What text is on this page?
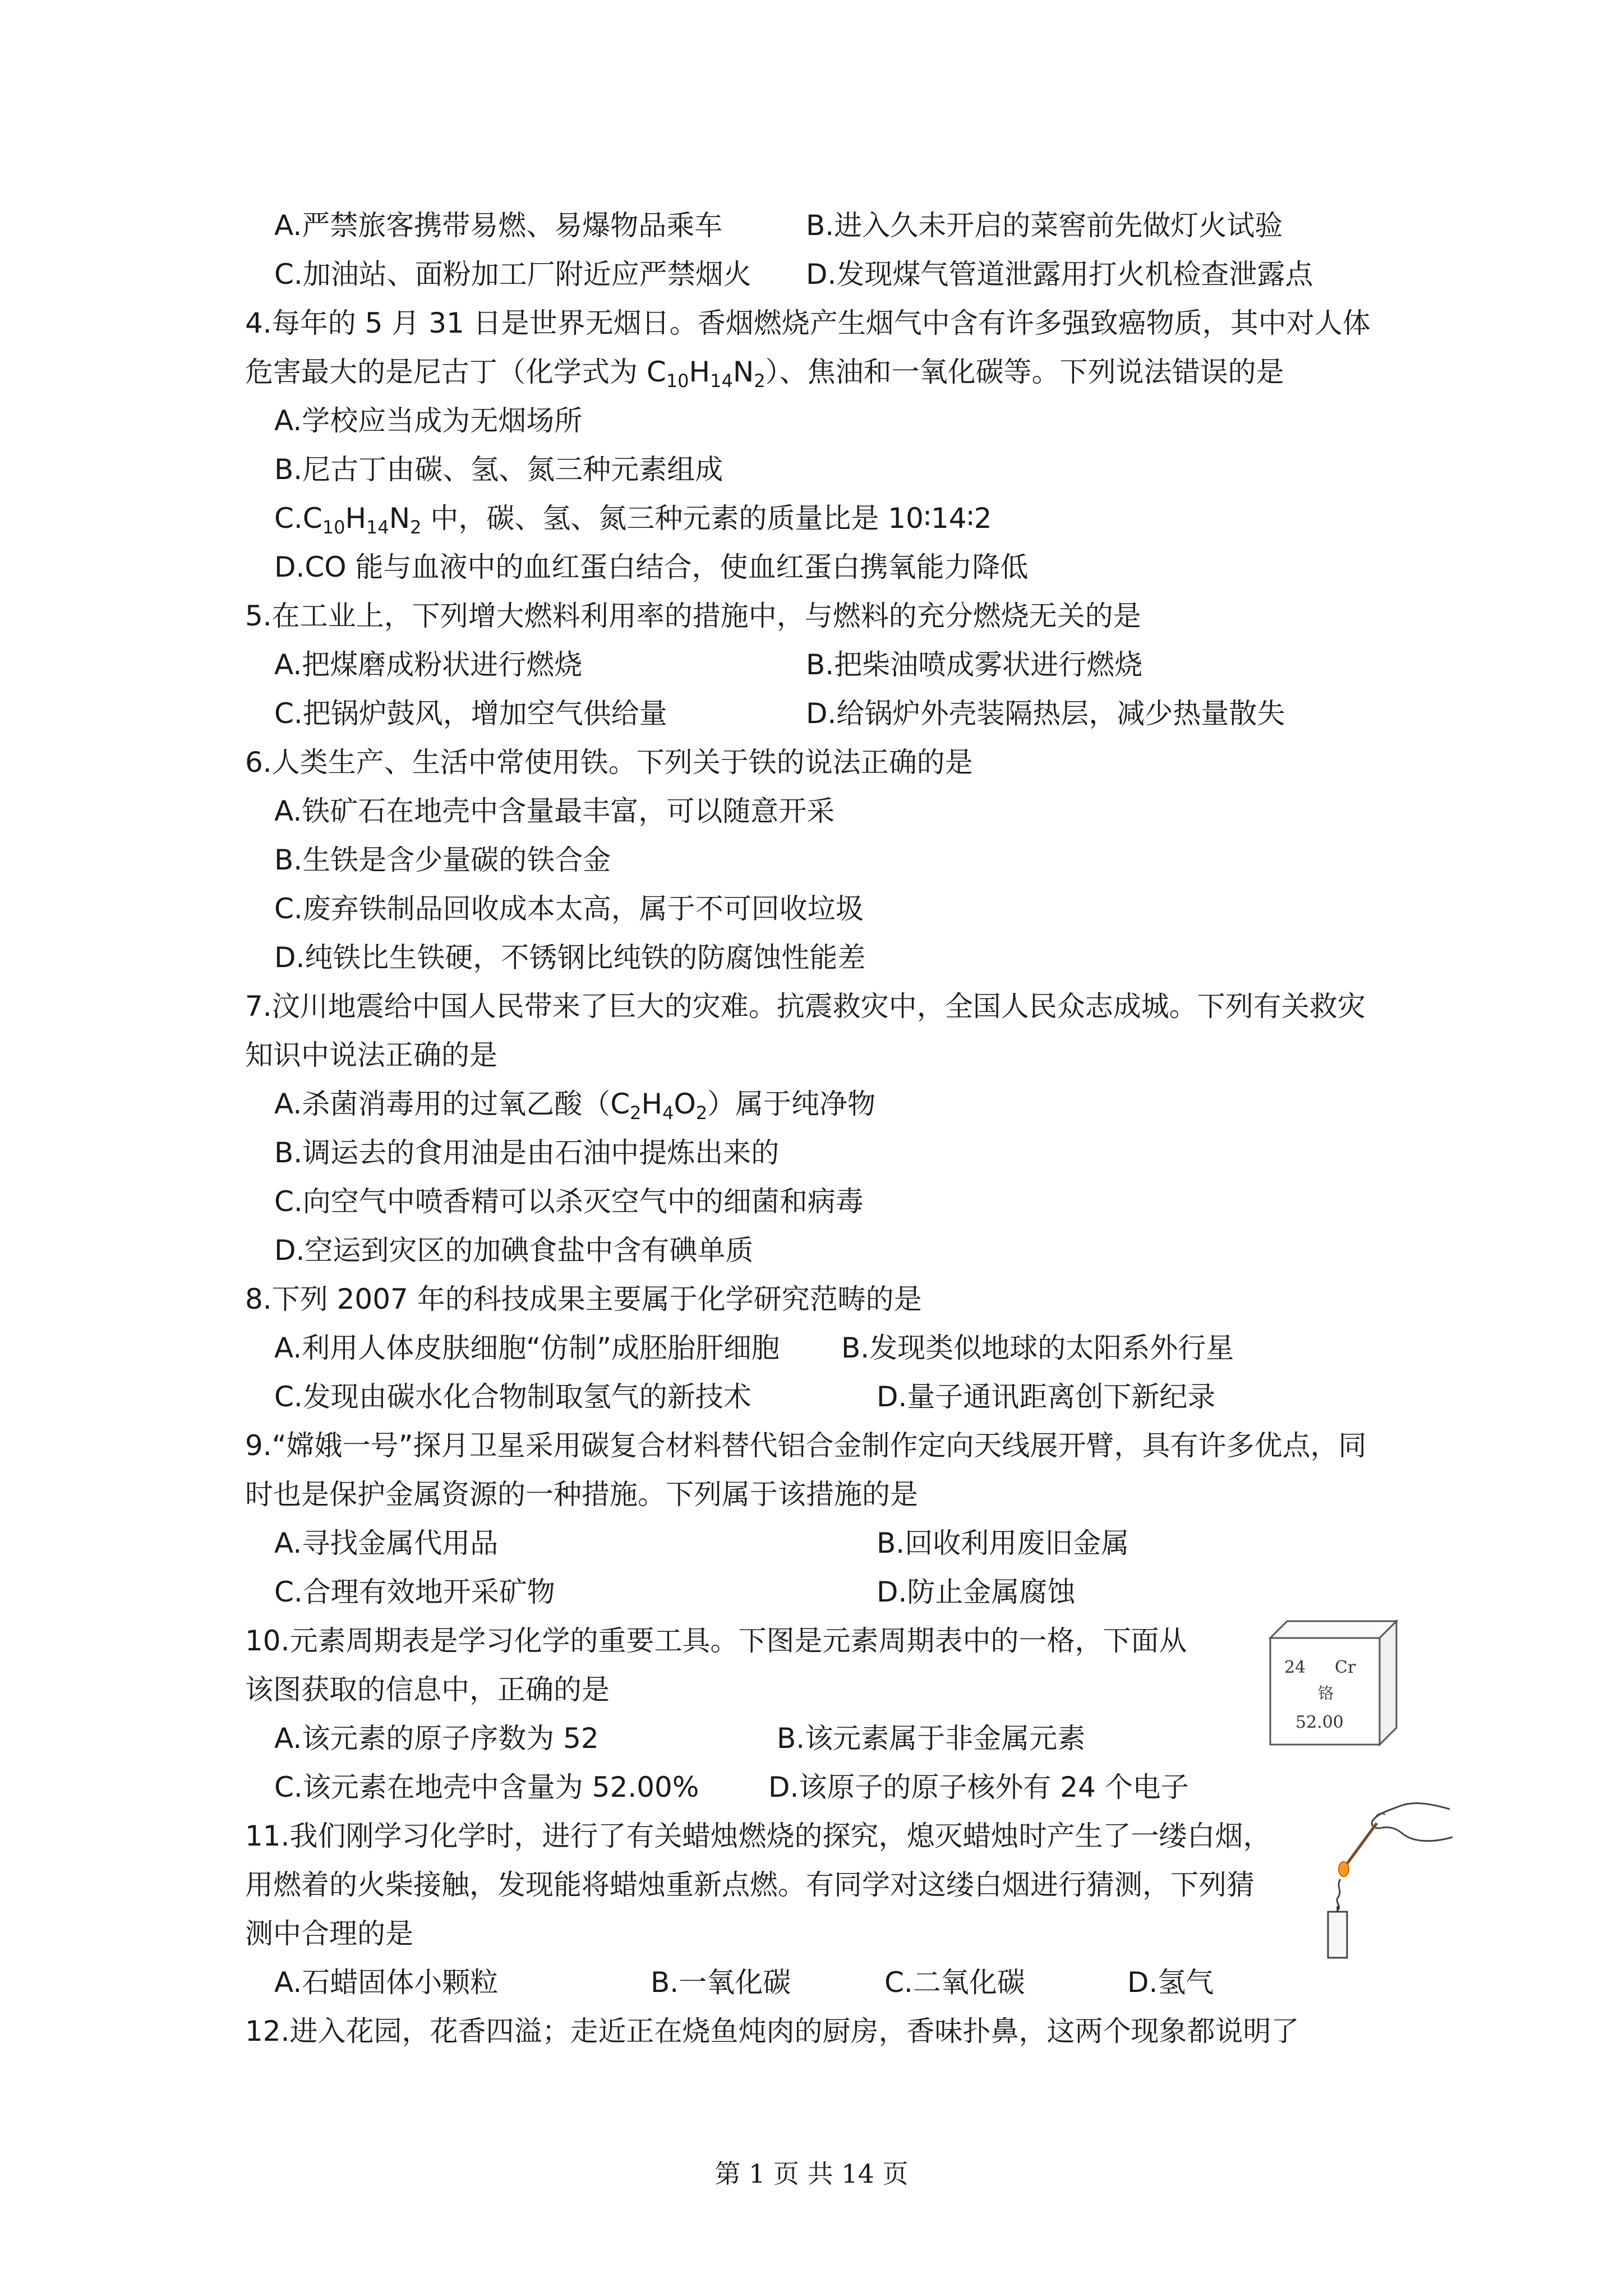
A.严禁旅客携带易燃、易爆物品乘车	B.进入久未开启的菜窖前先做灯火试验
C.加油站、面粉加工厂附近应严禁烟火 D.发现煤气管道泄露用打火机检查泄露点
4.每年的 5 月 31 日是世界无烟日。香烟燃烧产生烟气中含有许多强致癌物质，其中对人体
危害最大的是尼古丁（化学式为 $C_{10}H_{14}N_2$）、焦油和一氧化碳等。下列说法错误的是
A.学校应当成为无烟场所
B.尼古丁由碳、氢、氮三种元素组成
$C.C_{10}H_{14}N_2$ 中，碳、氢、氮三种元素的质量比是 10∶14∶2
D.CO 能与血液中的血红蛋白结合，使血红蛋白携氧能力降低
5.在工业上，下列增大燃料利用率的措施中，与燃料的充分燃烧无关的是
A.把煤磨成粉状进行燃烧	B.把柴油喷成雾状进行燃烧
C.把锅炉鼓风，增加空气供给量	D.给锅炉外壳装隔热层，减少热量散失
6.人类生产、生活中常使用铁。下列关于铁的说法正确的是
A.铁矿石在地壳中含量最丰富，可以随意开采
B.生铁是含少量碳的铁合金
C.废弃铁制品回收成本太高，属于不可回收垃圾
D.纯铁比生铁硬，不锈钢比纯铁的防腐蚀性能差
7.汶川地震给中国人民带来了巨大的灾难。抗震救灾中，全国人民众志成城。下列有关救灾
知识中说法正确的是
A.杀菌消毒用的过氧乙酸$(C_2H_4O_2)$属于纯净物
B.调运去的食用油是由石油中提炼出来的
C.向空气中喷香精可以杀灭空气中的细菌和病毒
D.空运到灾区的加碘食盐中含有碘单质
8.下列 2007 年的科技成果主要属于化学研究范畴的是
A.利用人体皮肤细胞“仿制”成胚胎肝细胞 B.发现类似地球的太阳系外行星
C.发现由碳水化合物制取氢气的新技术	D.量子通讯距离创下新纪录
9.“嫦娥一号”探月卫星采用碳复合材料替代铝合金制作定向天线展开臂，具有许多优点，同
时也是保护金属资源的一种措施。下列属于该措施的是
A.寻找金属代用品	B.回收利用废旧金属
C.合理有效地开采矿物	D.防止金属腐蚀
10.元素周期表是学习化学的重要工具。下图是元素周期表中的一格，下面从
该图获取的信息中，正确的是
A.该元素的原子序数为 52	B.该元素属于非金属元素
C.该元素在地壳中含量为 52.00% D.该原子的原子核外有 24 个电子
24 Cr
铬
52.00
11.我们刚学习化学时，进行了有关蜡烛燃烧的探究，熄灭蜡烛时产生了一缕白烟，
用燃着的火柴接触，发现能将蜡烛重新点燃。有同学对这缕白烟进行猜测，下列猜
测中合理的是
A.石蜡固体小颗粒	B.一氧化碳	C.二氧化碳	D.氢气
12.进入花园，花香四溢；走近正在烧鱼炖肉的厨房，香味扑鼻，这两个现象都说明了
第 1 页 共 14 页
